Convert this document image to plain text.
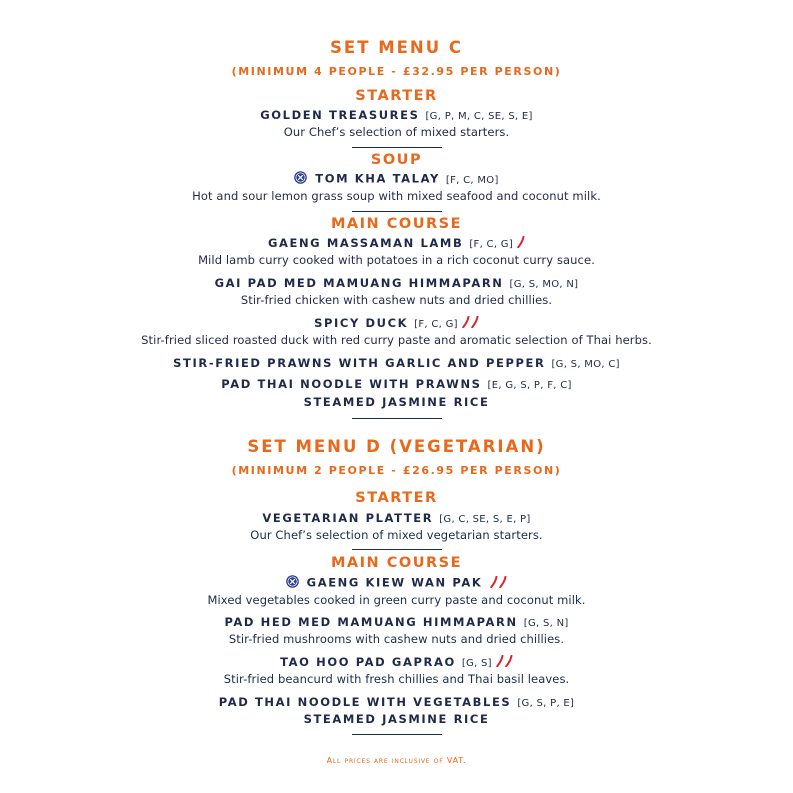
SET MENU C
(MINIMUM 4 PEOPLE - £32.95 PER PERSON)
STARTER
GOLDEN TREASURES [G, P, M, C, SE, S, E]
Our Chef’s selection of mixed starters.
SOUP
TOM KHA TALAY [F, C, MO]
Hot and sour lemon grass soup with mixed seafood and coconut milk.
MAIN COURSE
GAENG MASSAMAN LAMB [F, C, G]
Mild lamb curry cooked with potatoes in a rich coconut curry sauce.
GAI PAD MED MAMUANG HIMMAPARN [G, S, MO, N]
Stir-fried chicken with cashew nuts and dried chillies.
SPICY DUCK [F, C, G]
Stir-fried sliced roasted duck with red curry paste and aromatic selection of Thai herbs.
STIR-FRIED PRAWNS WITH GARLIC AND PEPPER [G, S, MO, C]
PAD THAI NOODLE WITH PRAWNS [E, G, S, P, F, C]
STEAMED JASMINE RICE
SET MENU D (VEGETARIAN)
(MINIMUM 2 PEOPLE - £26.95 PER PERSON)
STARTER
VEGETARIAN PLATTER [G, C, SE, S, E, P]
Our Chef’s selection of mixed vegetarian starters.
MAIN COURSE
GAENG KIEW WAN PAK
Mixed vegetables cooked in green curry paste and coconut milk.
PAD HED MED MAMUANG HIMMAPARN [G, S, N]
Stir-fried mushrooms with cashew nuts and dried chillies.
TAO HOO PAD GAPRAO [G, S]
Stir-fried beancurd with fresh chillies and Thai basil leaves.
PAD THAI NOODLE WITH VEGETABLES [G, S, P, E]
STEAMED JASMINE RICE
All prices are inclusive of VAT.
